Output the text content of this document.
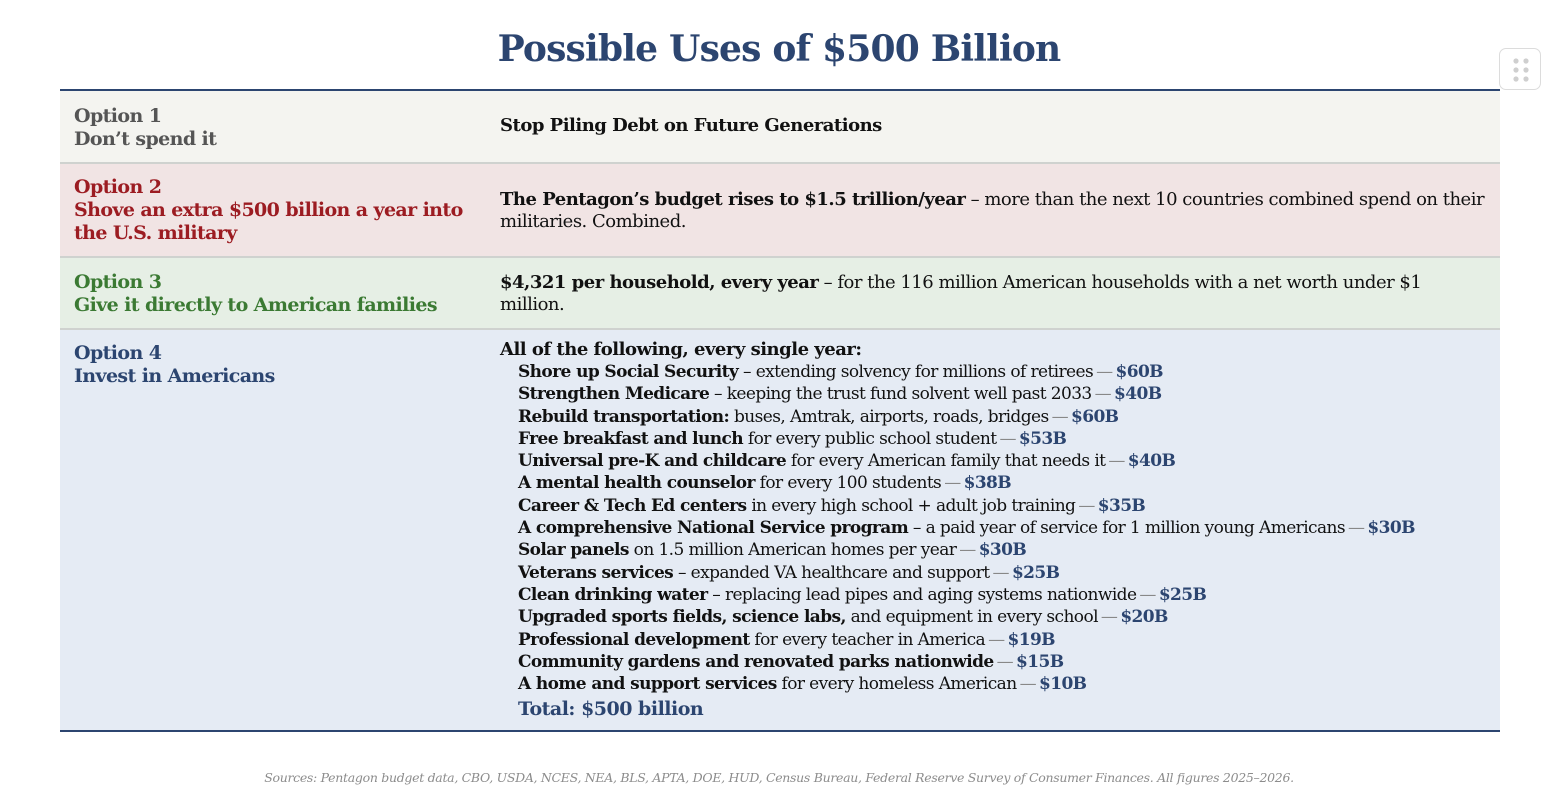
Possible Uses of $500 Billion
Option 1
Don’t spend it
Stop Piling Debt on Future Generations
Option 2
Shove an extra $500 billion a year into the U.S. military
The Pentagon’s budget rises to $1.5 trillion/year – more than the next 10 countries combined spend on their militaries. Combined.
Option 3
Give it directly to American families
$4,321 per household, every year – for the 116 million American households with a net worth under $1 million.
Option 4
Invest in Americans
All of the following, every single year:
Shore up Social Security – extending solvency for millions of retirees — $60B
Strengthen Medicare – keeping the trust fund solvent well past 2033 — $40B
Rebuild transportation: buses, Amtrak, airports, roads, bridges — $60B
Free breakfast and lunch for every public school student — $53B
Universal pre-K and childcare for every American family that needs it — $40B
A mental health counselor for every 100 students — $38B
Career & Tech Ed centers in every high school + adult job training — $35B
A comprehensive National Service program – a paid year of service for 1 million young Americans — $30B
Solar panels on 1.5 million American homes per year — $30B
Veterans services – expanded VA healthcare and support — $25B
Clean drinking water – replacing lead pipes and aging systems nationwide — $25B
Upgraded sports fields, science labs, and equipment in every school — $20B
Professional development for every teacher in America — $19B
Community gardens and renovated parks nationwide — $15B
A home and support services for every homeless American — $10B
Total: $500 billion
Sources: Pentagon budget data, CBO, USDA, NCES, NEA, BLS, APTA, DOE, HUD, Census Bureau, Federal Reserve Survey of Consumer Finances. All figures 2025–2026.
